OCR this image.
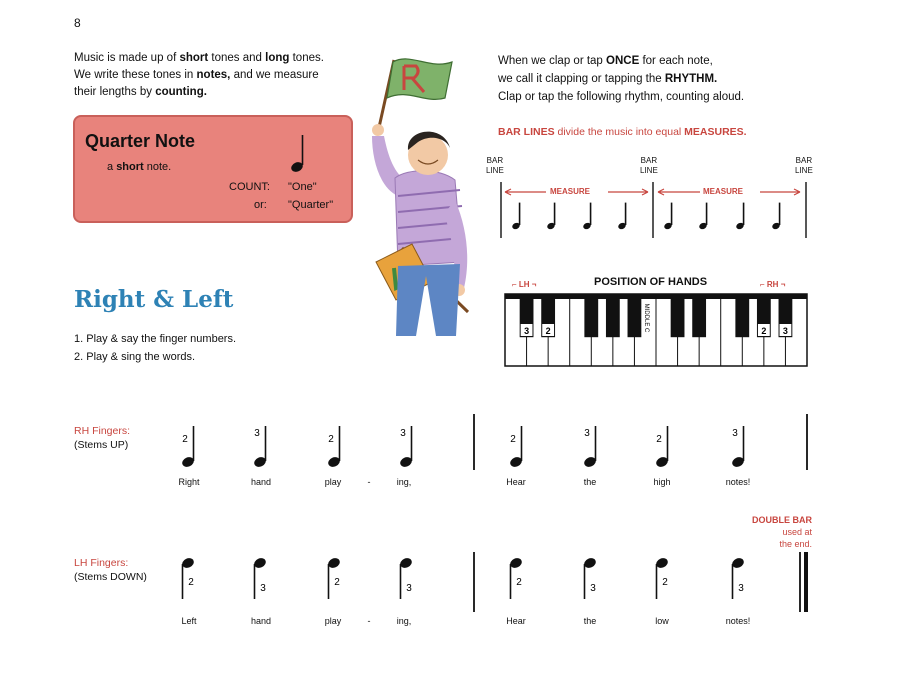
8
Music is made up of short tones and long tones.
We write these tones in notes, and we measure
their lengths by counting.
Quarter Note
a short note.
COUNT: "One"
or: "Quarter"
When we clap or tap ONCE for each note,
we call it clapping or tapping the RHYTHM.
Clap or tap the following rhythm, counting aloud.
BAR LINES divide the music into equal MEASURES.
BAR
LINE
BAR
LINE
BAR
LINE
MEASURE	MEASURE
Right & Left
1. Play & say the finger numbers.
2. Play & sing the words.
POSITION OF HANDS
⌐ LH ¬	⌐ RH ¬
RH Fingers:
(Stems UP)
LH Fingers:
(Stems DOWN)
DOUBLE BAR
used at
the end.
Right	hand	play	-	ing,	Hear	the	high	notes!
Left	hand	play	-	ing,	Hear	the	low	notes!
3 2	2 3
MIDDLE C
2
3
2
3
2
3
2
3
2
3
2
3
2
3
2
3
